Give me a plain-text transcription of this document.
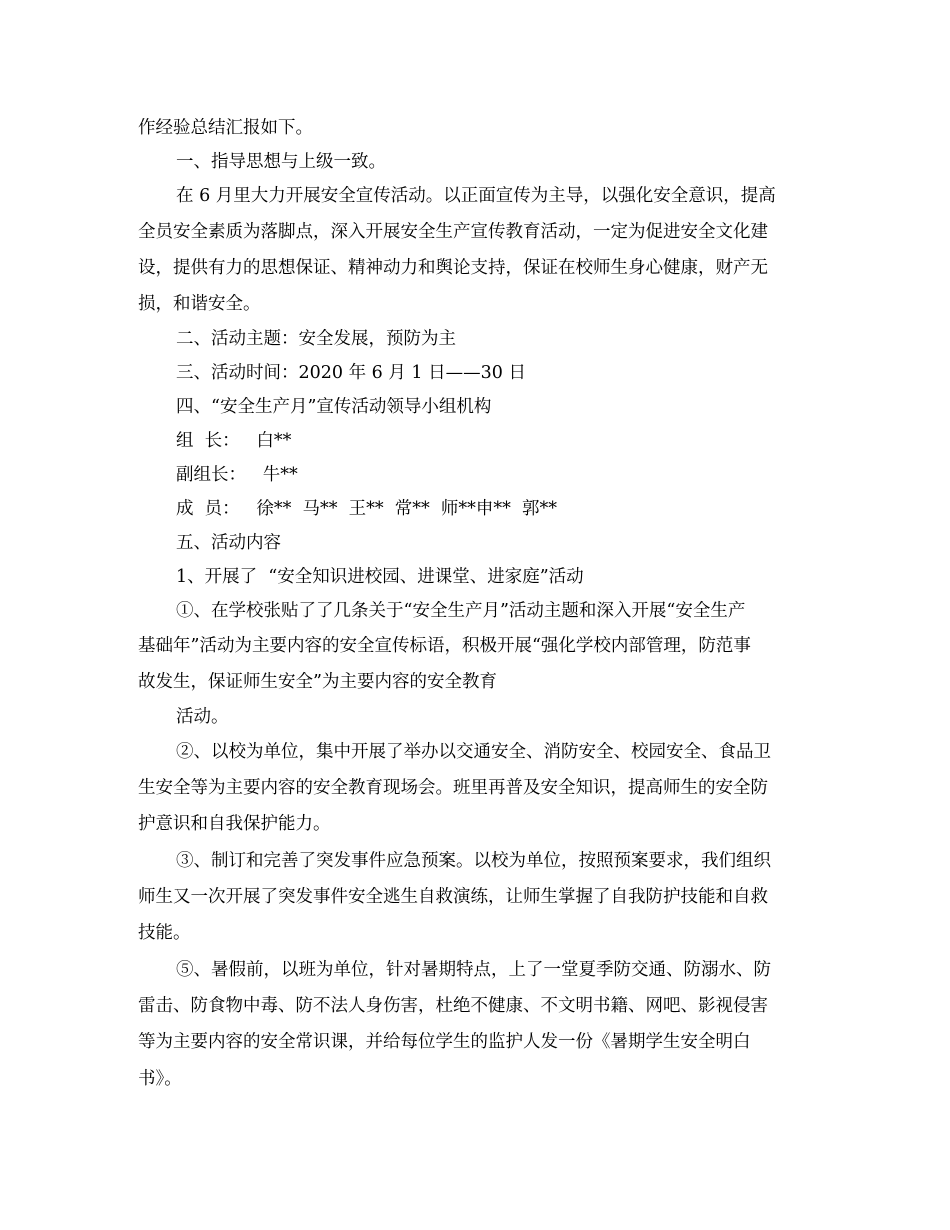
作经验总结汇报如下。
一、指导思想与上级一致。
在 6 月里大力开展安全宣传活动。以正面宣传为主导，以强化安全意识，提高
全员安全素质为落脚点，深入开展安全生产宣传教育活动，一定为促进安全文化建
设，提供有力的思想保证、精神动力和舆论支持，保证在校师生身心健康，财产无
损，和谐安全。
二、活动主题：安全发展，预防为主
三、活动时间：2020 年 6 月 1 日——30 日
四、“安全生产月”宣传活动领导小组机构
组  长：   白**
副组长：   牛**
成  员：   徐**  马**  王**  常**  师**申**  郭**
五、活动内容
1、开展了  “安全知识进校园、进课堂、进家庭”活动
①、在学校张贴了了几条关于“安全生产月”活动主题和深入开展“安全生产
基础年”活动为主要内容的安全宣传标语，积极开展“强化学校内部管理，防范事
故发生，保证师生安全”为主要内容的安全教育
活动。
②、以校为单位，集中开展了举办以交通安全、消防安全、校园安全、食品卫
生安全等为主要内容的安全教育现场会。班里再普及安全知识，提高师生的安全防
护意识和自我保护能力。
③、制订和完善了突发事件应急预案。以校为单位，按照预案要求，我们组织
师生又一次开展了突发事件安全逃生自救演练，让师生掌握了自我防护技能和自救
技能。
⑤、暑假前，以班为单位，针对暑期特点，上了一堂夏季防交通、防溺水、防
雷击、防食物中毒、防不法人身伤害，杜绝不健康、不文明书籍、网吧、影视侵害
等为主要内容的安全常识课，并给每位学生的监护人发一份《暑期学生安全明白
书》。
